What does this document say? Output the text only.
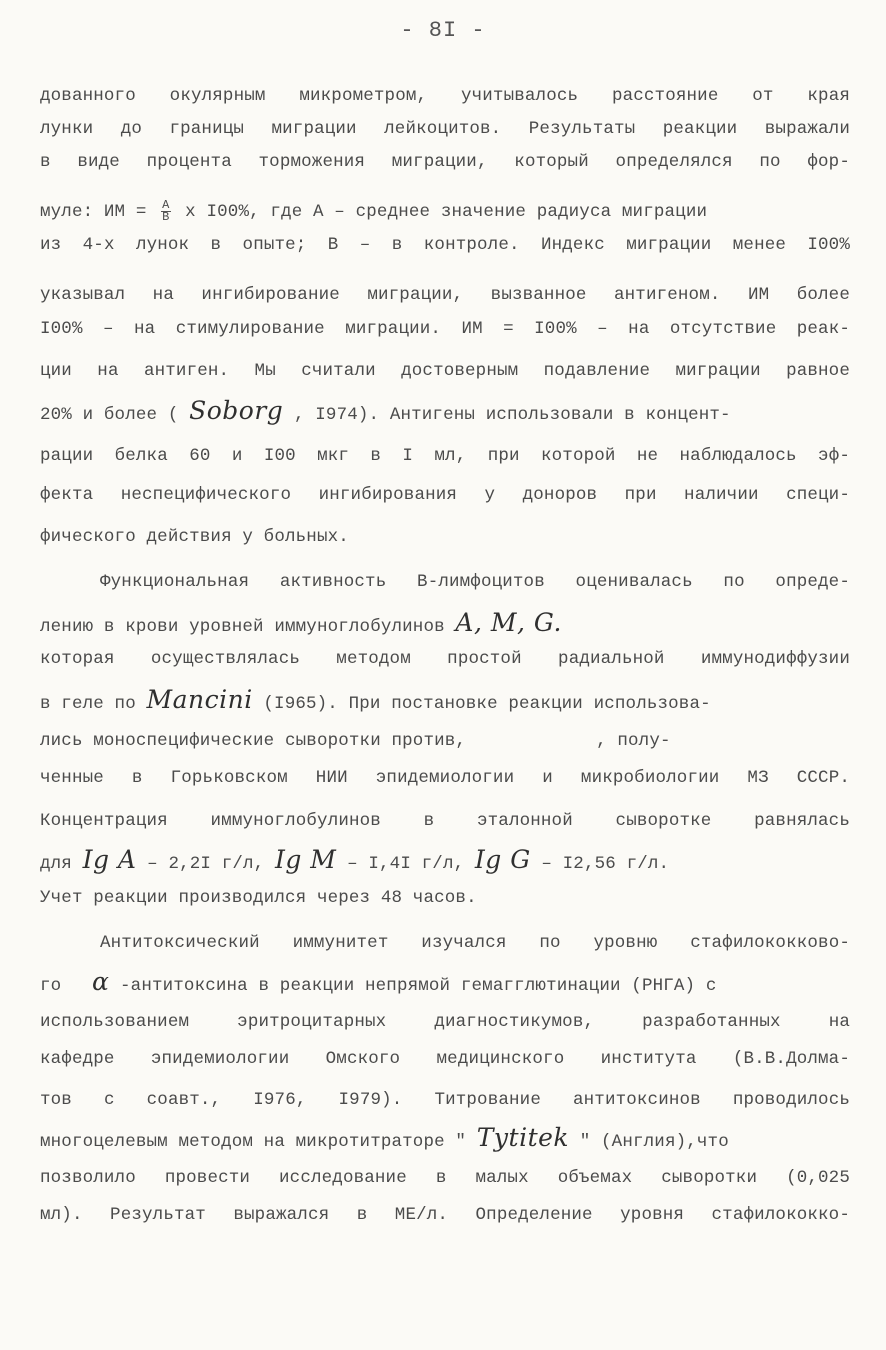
- 8I -
дованного окулярным микрометром, учитывалось расстояние от края
лунки до границы миграции лейкоцитов. Результаты реакции выражали
в виде процента торможения миграции, который определялся по фор-
муле: ИМ = $\frac{A}{B}$ x I00%, где А – среднее значение радиуса миграции
из 4-х лунок в опыте; В – в контроле. Индекс миграции менее I00%
указывал на ингибирование миграции, вызванное антигеном. ИМ более
I00% – на стимулирование миграции. ИМ = I00% – на отсутствие реак-
ции на антиген. Мы считали достоверным подавление миграции равное
20% и более ( Soborg , I974). Антигены использовали в концент-
рации белка 60 и I00 мкг в I мл, при которой не наблюдалось эф-
фекта неспецифического ингибирования у доноров при наличии специ-
фического действия у больных.
Функциональная активность В-лимфоцитов оценивалась по опреде-
лению в крови уровней иммуноглобулинов A, M, G.
которая осуществлялась методом простой радиальной иммунодиффузии
в геле по Mancini (I965). При постановке реакции использова-
лись моноспецифические сыворотки против,	, полу-
ченные в Горьковском НИИ эпидемиологии и микробиологии МЗ СССР.
Концентрация иммуноглобулинов в эталонной сыворотке равнялась
для Ig A – 2,2I г/л, Ig M – I,4I г/л, Ig G – I2,56 г/л.
Учет реакции производился через 48 часов.
Антитоксический иммунитет изучался по уровню стафилококково-
го α -антитоксина в реакции непрямой гемагглютинации (РНГА) с
использованием эритроцитарных диагностикумов, разработанных на
кафедре эпидемиологии Омского медицинского института (В.В.Долма-
тов с соавт., I976, I979). Титрование антитоксинов проводилось
многоцелевым методом на микротитраторе " Tytitek " (Англия),что
позволило провести исследование в малых объемах сыворотки (0,025
мл). Результат выражался в МЕ/л. Определение уровня стафилококко-
